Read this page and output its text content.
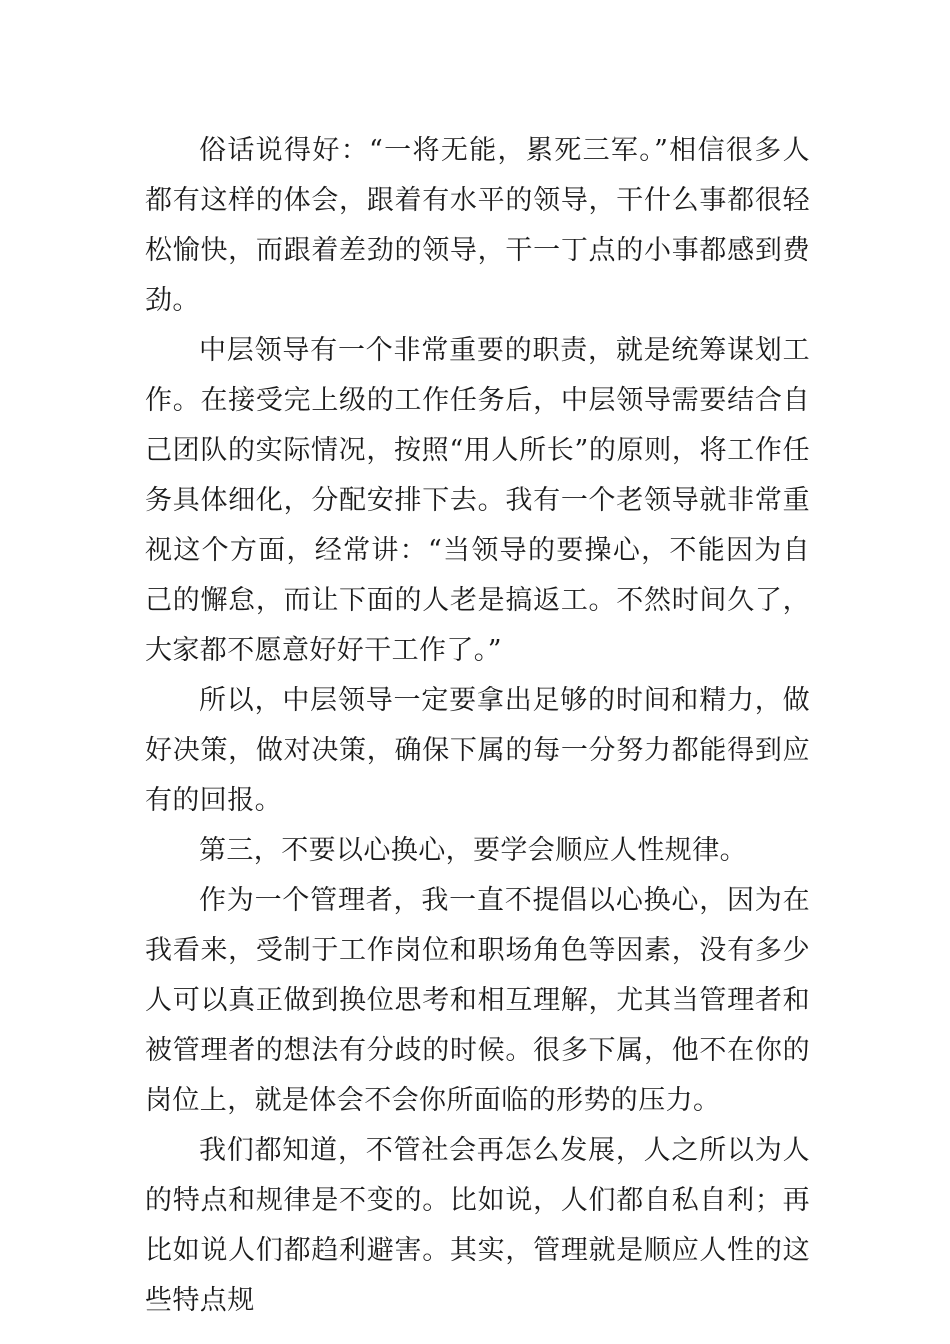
俗话说得好：“一将无能，累死三军。”相信很多人都有这样的体会，跟着有水平的领导，干什么事都很轻松愉快，而跟着差劲的领导，干一丁点的小事都感到费劲。

中层领导有一个非常重要的职责，就是统筹谋划工作。在接受完上级的工作任务后，中层领导需要结合自己团队的实际情况，按照“用人所长”的原则，将工作任务具体细化，分配安排下去。我有一个老领导就非常重视这个方面，经常讲：“当领导的要操心，不能因为自己的懈怠，而让下面的人老是搞返工。不然时间久了，大家都不愿意好好干工作了。”

所以，中层领导一定要拿出足够的时间和精力，做好决策，做对决策，确保下属的每一分努力都能得到应有的回报。

第三，不要以心换心，要学会顺应人性规律。

作为一个管理者，我一直不提倡以心换心，因为在我看来，受制于工作岗位和职场角色等因素，没有多少人可以真正做到换位思考和相互理解，尤其当管理者和被管理者的想法有分歧的时候。很多下属，他不在你的岗位上，就是体会不会你所面临的形势的压力。

我们都知道，不管社会再怎么发展，人之所以为人的特点和规律是不变的。比如说，人们都自私自利；再比如说人们都趋利避害。其实，管理就是顺应人性的这些特点规
